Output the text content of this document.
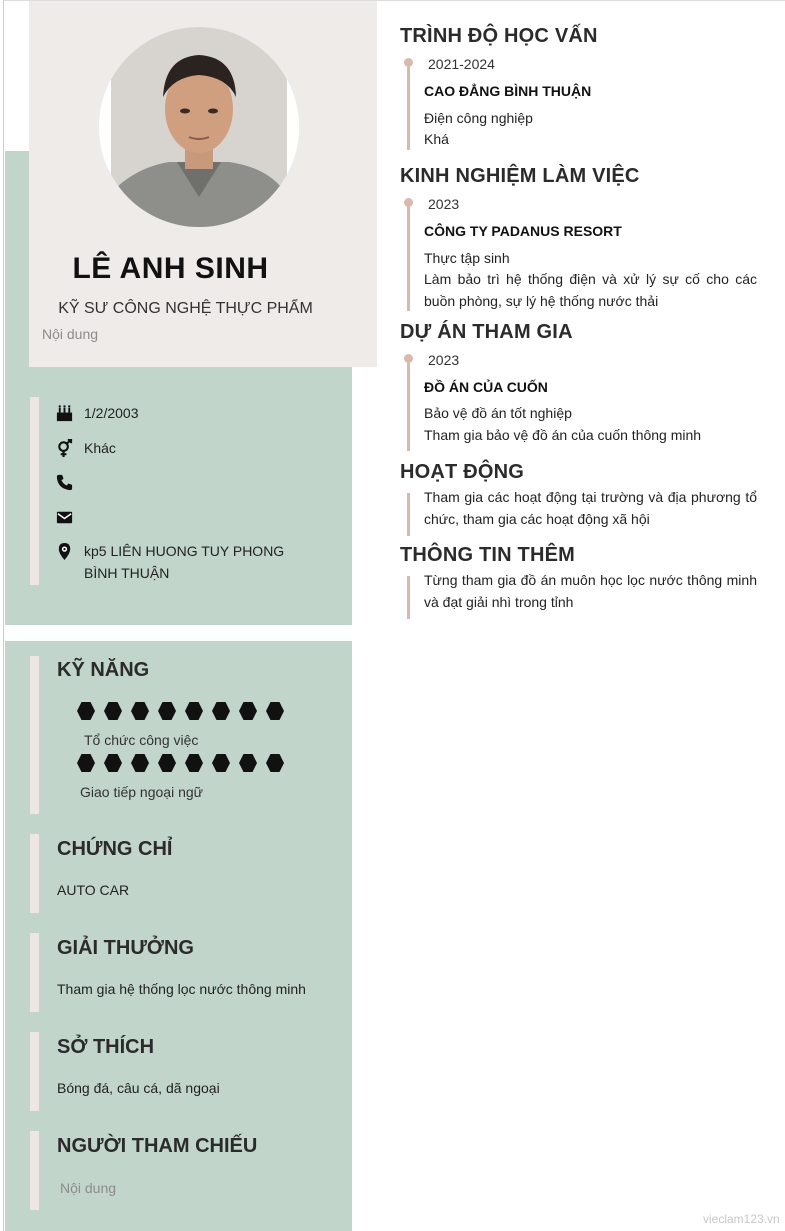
LÊ ANH SINH
KỸ SƯ CÔNG NGHỆ THỰC PHẨM
Nội dung
1/2/2003
Khác
kp5 LIÊN HUONG TUY PHONG BÌNH THUẬN
KỸ NĂNG
Tổ chức công việc
Giao tiếp ngoại ngữ
CHỨNG CHỈ
AUTO CAR
GIẢI THƯỞNG
Tham gia hệ thống lọc nước thông minh
SỞ THÍCH
Bóng đá, câu cá, dã ngoại
NGƯỜI THAM CHIẾU
Nội dung
TRÌNH ĐỘ HỌC VẤN
2021-2024
CAO ĐẲNG BÌNH THUẬN
Điện công nghiệp
Khá
KINH NGHIỆM LÀM VIỆC
2023
CÔNG TY PADANUS RESORT
Thực tập sinh
Làm bảo trì hệ thống điện và xử lý sự cố cho các buồn phòng, sự lý hệ thống nước thải
DỰ ÁN THAM GIA
2023
ĐỒ ÁN CỦA CUỐN
Bảo vệ đồ án tốt nghiệp
Tham gia bảo vệ đồ án của cuốn thông minh
HOẠT ĐỘNG
Tham gia các hoạt động tại trường và địa phương tổ chức, tham gia các hoạt động xã hội
THÔNG TIN THÊM
Từng tham gia đồ án muôn học lọc nước thông minh và đạt giải nhì trong tỉnh
vieclam123.vn
